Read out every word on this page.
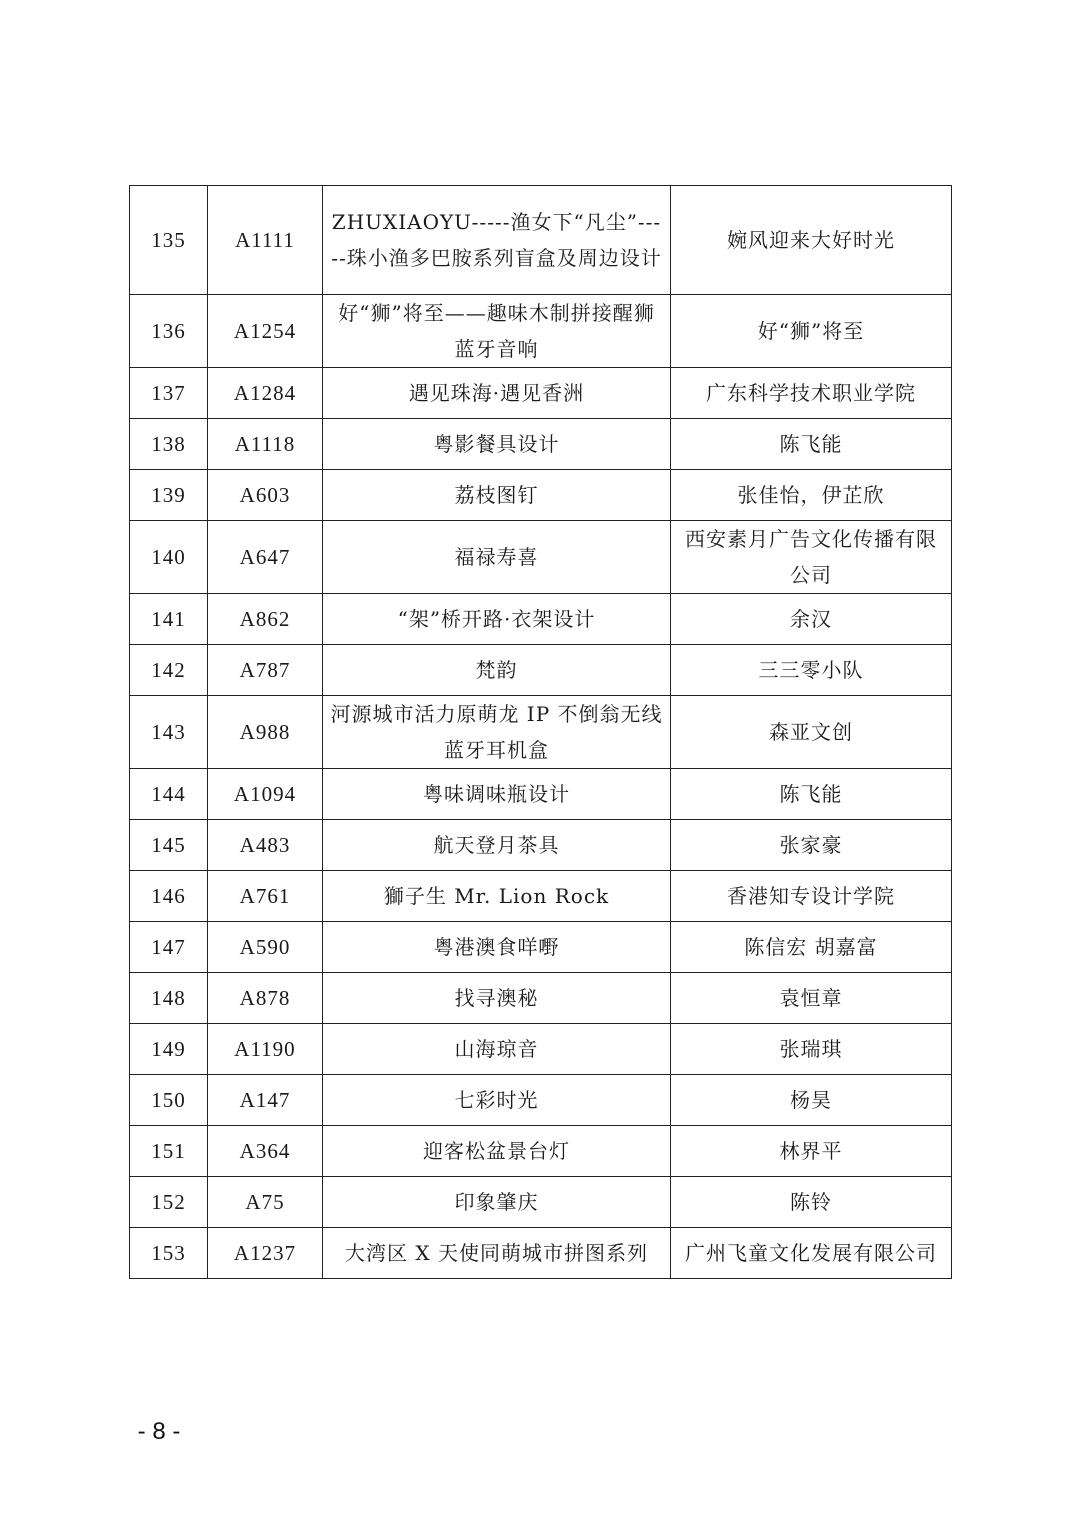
135	A1111	ZHUXIAOYU-----渔女下“凡尘”-----珠小渔多巴胺系列盲盒及周边设计	婉风迎来大好时光
136	A1254	好“狮”将至——趣味木制拼接醒狮蓝牙音响	好“狮”将至
137	A1284	遇见珠海·遇见香洲	广东科学技术职业学院
138	A1118	粤影餐具设计	陈飞能
139	A603	荔枝图钉	张佳怡，伊芷欣
140	A647	福禄寿喜	西安素月广告文化传播有限公司
141	A862	“架”桥开路·衣架设计	余汉
142	A787	梵韵	三三零小队
143	A988	河源城市活力原萌龙 IP 不倒翁无线蓝牙耳机盒	森亚文创
144	A1094	粤味调味瓶设计	陈飞能
145	A483	航天登月茶具	张家豪
146	A761	獅子生 Mr. Lion Rock	香港知专设计学院
147	A590	粤港澳食咩嘢	陈信宏 胡嘉富
148	A878	找寻澳秘	袁恒章
149	A1190	山海琼音	张瑞琪
150	A147	七彩时光	杨昊
151	A364	迎客松盆景台灯	林界平
152	A75	印象肇庆	陈铃
153	A1237	大湾区 X 天使同萌城市拼图系列	广州飞童文化发展有限公司
- 8 -
